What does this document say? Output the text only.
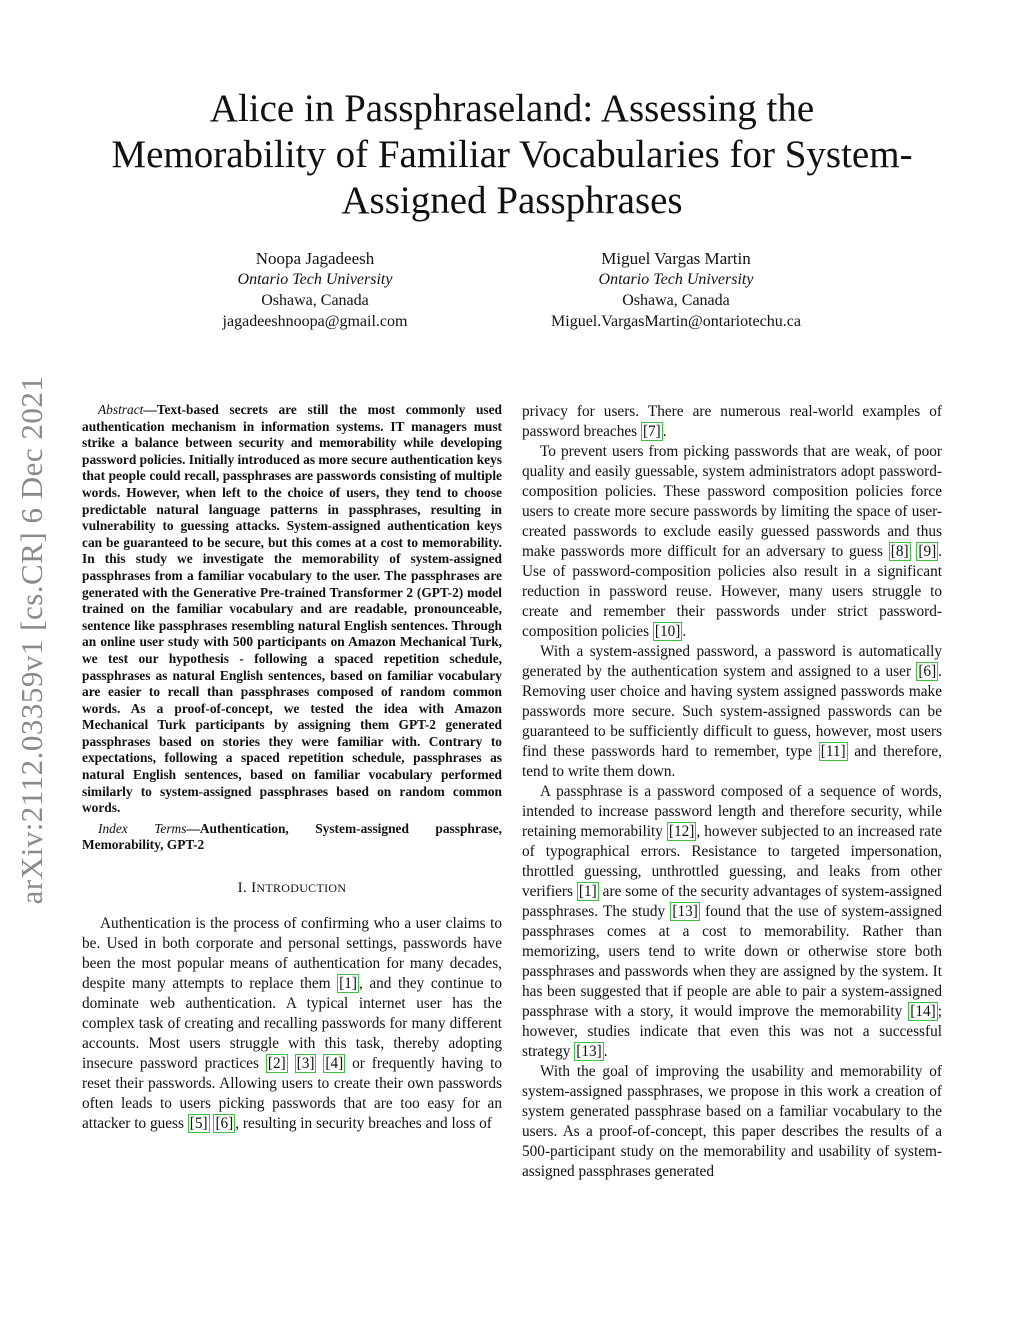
arXiv:2112.03359v1 [cs.CR] 6 Dec 2021
Alice in Passphraseland: Assessing the Memorability of Familiar Vocabularies for System-Assigned Passphrases
Noopa Jagadeesh
Ontario Tech University
Oshawa, Canada
jagadeeshnoopa@gmail.com
Miguel Vargas Martin
Ontario Tech University
Oshawa, Canada
Miguel.VargasMartin@ontariotechu.ca

Abstract—Text-based secrets are still the most commonly used authentication mechanism in information systems. IT managers must strike a balance between security and memorability while developing password policies. Initially introduced as more secure authentication keys that people could recall, passphrases are passwords consisting of multiple words. However, when left to the choice of users, they tend to choose predictable natural language patterns in passphrases, resulting in vulnerability to guessing attacks. System-assigned authentication keys can be guaranteed to be secure, but this comes at a cost to memorability. In this study we investigate the memorability of system-assigned passphrases from a familiar vocabulary to the user. The passphrases are generated with the Generative Pre-trained Transformer 2 (GPT-2) model trained on the familiar vocabulary and are readable, pronounceable, sentence like passphrases resembling natural English sentences. Through an online user study with 500 participants on Amazon Mechanical Turk, we test our hypothesis - following a spaced repetition schedule, passphrases as natural English sentences, based on familiar vocabulary are easier to recall than passphrases composed of random common words. As a proof-of-concept, we tested the idea with Amazon Mechanical Turk participants by assigning them GPT-2 generated passphrases based on stories they were familiar with. Contrary to expectations, following a spaced repetition schedule, passphrases as natural English sentences, based on familiar vocabulary performed similarly to system-assigned passphrases based on random common words.

Index Terms—Authentication, System-assigned passphrase, Memorability, GPT-2

I. INTRODUCTION

Authentication is the process of confirming who a user claims to be. Used in both corporate and personal settings, passwords have been the most popular means of authentication for many decades, despite many attempts to replace them [1] , and they continue to dominate web authentication. A typical internet user has the complex task of creating and recalling passwords for many different accounts. Most users struggle with this task, thereby adopting insecure password practices [2] [3] [4] or frequently having to reset their passwords. Allowing users to create their own passwords often leads to users picking passwords that are too easy for an attacker to guess [5] [6] , resulting in security breaches and loss of

privacy for users. There are numerous real-world examples of password breaches [7] .

To prevent users from picking passwords that are weak, of poor quality and easily guessable, system administrators adopt password-composition policies. These password composition policies force users to create more secure passwords by limiting the space of user-created passwords to exclude easily guessed passwords and thus make passwords more difficult for an adversary to guess [8] [9] . Use of password-composition policies also result in a significant reduction in password reuse. However, many users struggle to create and remember their passwords under strict password-composition policies [10] .

With a system-assigned password, a password is automatically generated by the authentication system and assigned to a user [6] . Removing user choice and having system assigned passwords make passwords more secure. Such system-assigned passwords can be guaranteed to be sufficiently difficult to guess, however, most users find these passwords hard to remember, type [11] and therefore, tend to write them down.

A passphrase is a password composed of a sequence of words, intended to increase password length and therefore security, while retaining memorability [12] , however subjected to an increased rate of typographical errors. Resistance to targeted impersonation, throttled guessing, unthrottled guessing, and leaks from other verifiers [1] are some of the security advantages of system-assigned passphrases. The study [13] found that the use of system-assigned passphrases comes at a cost to memorability. Rather than memorizing, users tend to write down or otherwise store both passphrases and passwords when they are assigned by the system. It has been suggested that if people are able to pair a system-assigned passphrase with a story, it would improve the memorability [14] ; however, studies indicate that even this was not a successful strategy [13] .

With the goal of improving the usability and memorability of system-assigned passphrases, we propose in this work a creation of system generated passphrase based on a familiar vocabulary to the users. As a proof-of-concept, this paper describes the results of a 500-participant study on the memorability and usability of system-assigned passphrases generated
